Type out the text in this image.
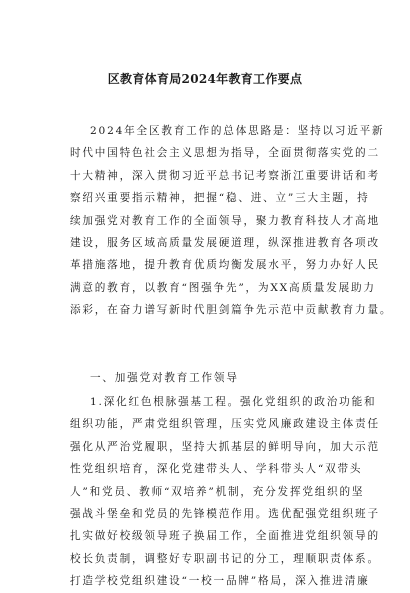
区教育体育局2024年教育工作要点
2024年全区教育工作的总体思路是：坚持以习近平新
时代中国特色社会主义思想为指导，全面贯彻落实党的二
十大精神，深入贯彻习近平总书记考察浙江重要讲话和考
察绍兴重要指示精神，把握“稳、进、立”三大主题，持
续加强党对教育工作的全面领导，聚力教育科技人才高地
建设，服务区域高质量发展硬道理，纵深推进教育各项改
革措施落地，提升教育优质均衡发展水平，努力办好人民
满意的教育，以教育“图强争先”，为XX高质量发展助力
添彩，在奋力谱写新时代胆剑篇争先示范中贡献教育力量。
一、加强党对教育工作领导
1.深化红色根脉强基工程。强化党组织的政治功能和
组织功能，严肃党组织管理，压实党风廉政建设主体责任
强化从严治党履职，坚持大抓基层的鲜明导向，加大示范
性党组织培育，深化党建带头人、学科带头人“双带头
人”和党员、教师“双培养”机制，充分发挥党组织的坚
强战斗堡垒和党员的先锋模范作用。选优配强党组织班子
扎实做好校级领导班子换届工作，全面推进党组织领导的
校长负责制，调整好专职副书记的分工，理顺职责体系。
打造学校党组织建设“一校一品牌”格局，深入推进清廉
